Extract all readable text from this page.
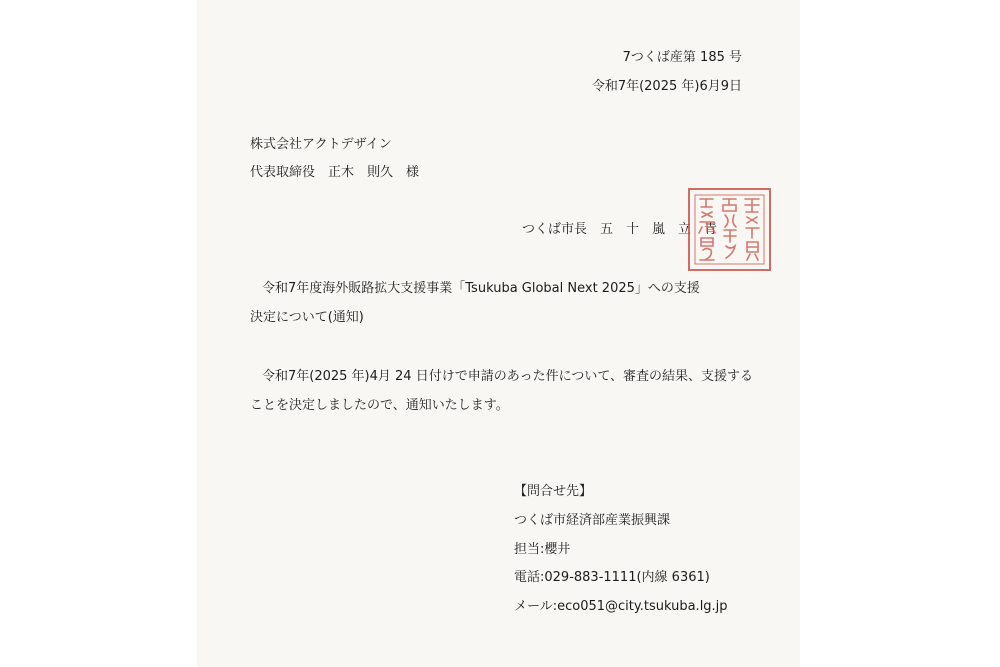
7つくば産第 185 号
令和7年(2025 年)6月9日
株式会社アクトデザイン
代表取締役　正木　則久　様
つくば市長　五　十　嵐　立　青
令和7年度海外販路拡大支援事業「Tsukuba Global Next 2025」への支援
決定について(通知)
令和7年(2025 年)4月 24 日付けで申請のあった件について、審査の結果、支援する
ことを決定しましたので、通知いたします。
【問合せ先】
つくば市経済部産業振興課
担当:櫻井
電話:029-883-1111(内線 6361)
メール:eco051@city.tsukuba.lg.jp
